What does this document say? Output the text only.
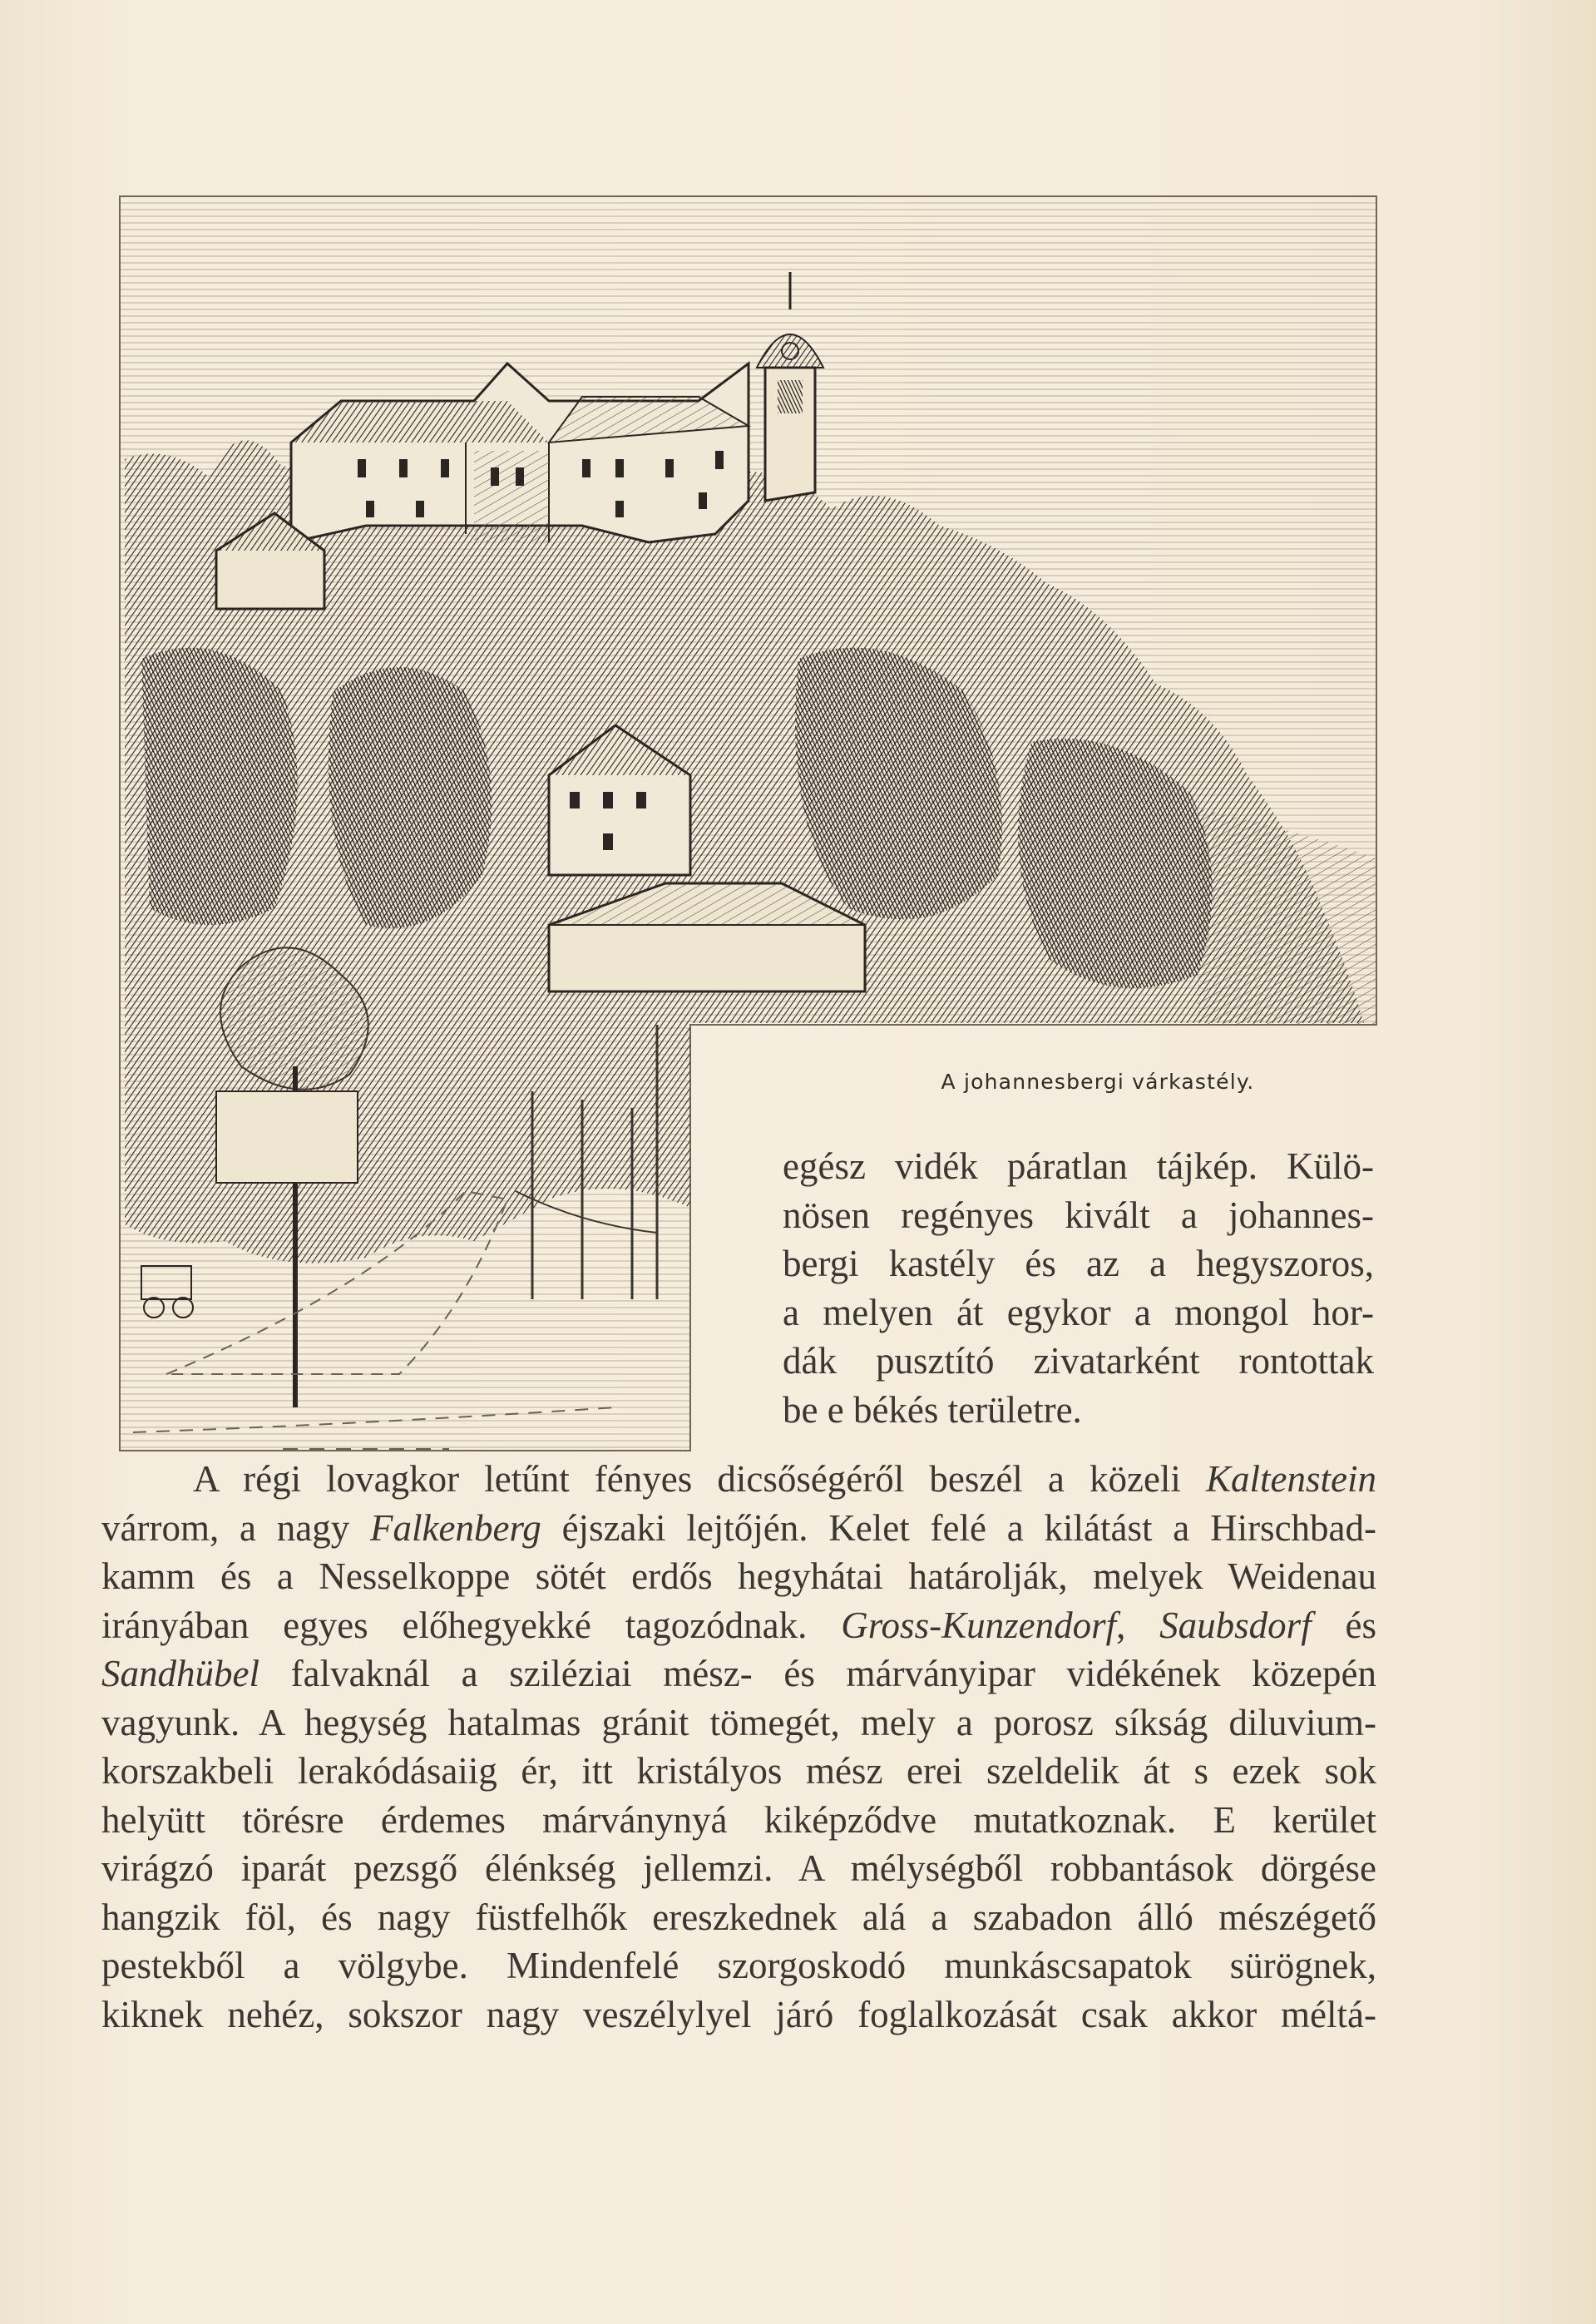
A johannesbergi várkastély.
egész vidék páratlan tájkép. Külö-
nösen regényes kivált a johannes-
bergi kastély és az a hegyszoros,
a melyen át egykor a mongol hor-
dák pusztító zivatarként rontottak
be e békés területre.
A régi lovagkor letűnt fényes dicsőségéről beszél a közeli Kaltenstein
várrom, a nagy Falkenberg éjszaki lejtőjén. Kelet felé a kilátást a Hirschbad-
kamm és a Nesselkoppe sötét erdős hegyhátai határolják, melyek Weidenau
irányában egyes előhegyekké tagozódnak. Gross-Kunzendorf, Saubsdorf és
Sandhübel falvaknál a sziléziai mész- és márványipar vidékének közepén
vagyunk. A hegység hatalmas gránit tömegét, mely a porosz síkság diluvium-
korszakbeli lerakódásaiig ér, itt kristályos mész erei szeldelik át s ezek sok
helyütt törésre érdemes márványnyá kiképződve mutatkoznak. E kerület
virágzó iparát pezsgő élénkség jellemzi. A mélységből robbantások dörgése
hangzik föl, és nagy füstfelhők ereszkednek alá a szabadon álló mészégető
pestekből a völgybe. Mindenfelé szorgoskodó munkáscsapatok sürögnek,
kiknek nehéz, sokszor nagy veszélylyel járó foglalkozását csak akkor méltá-
